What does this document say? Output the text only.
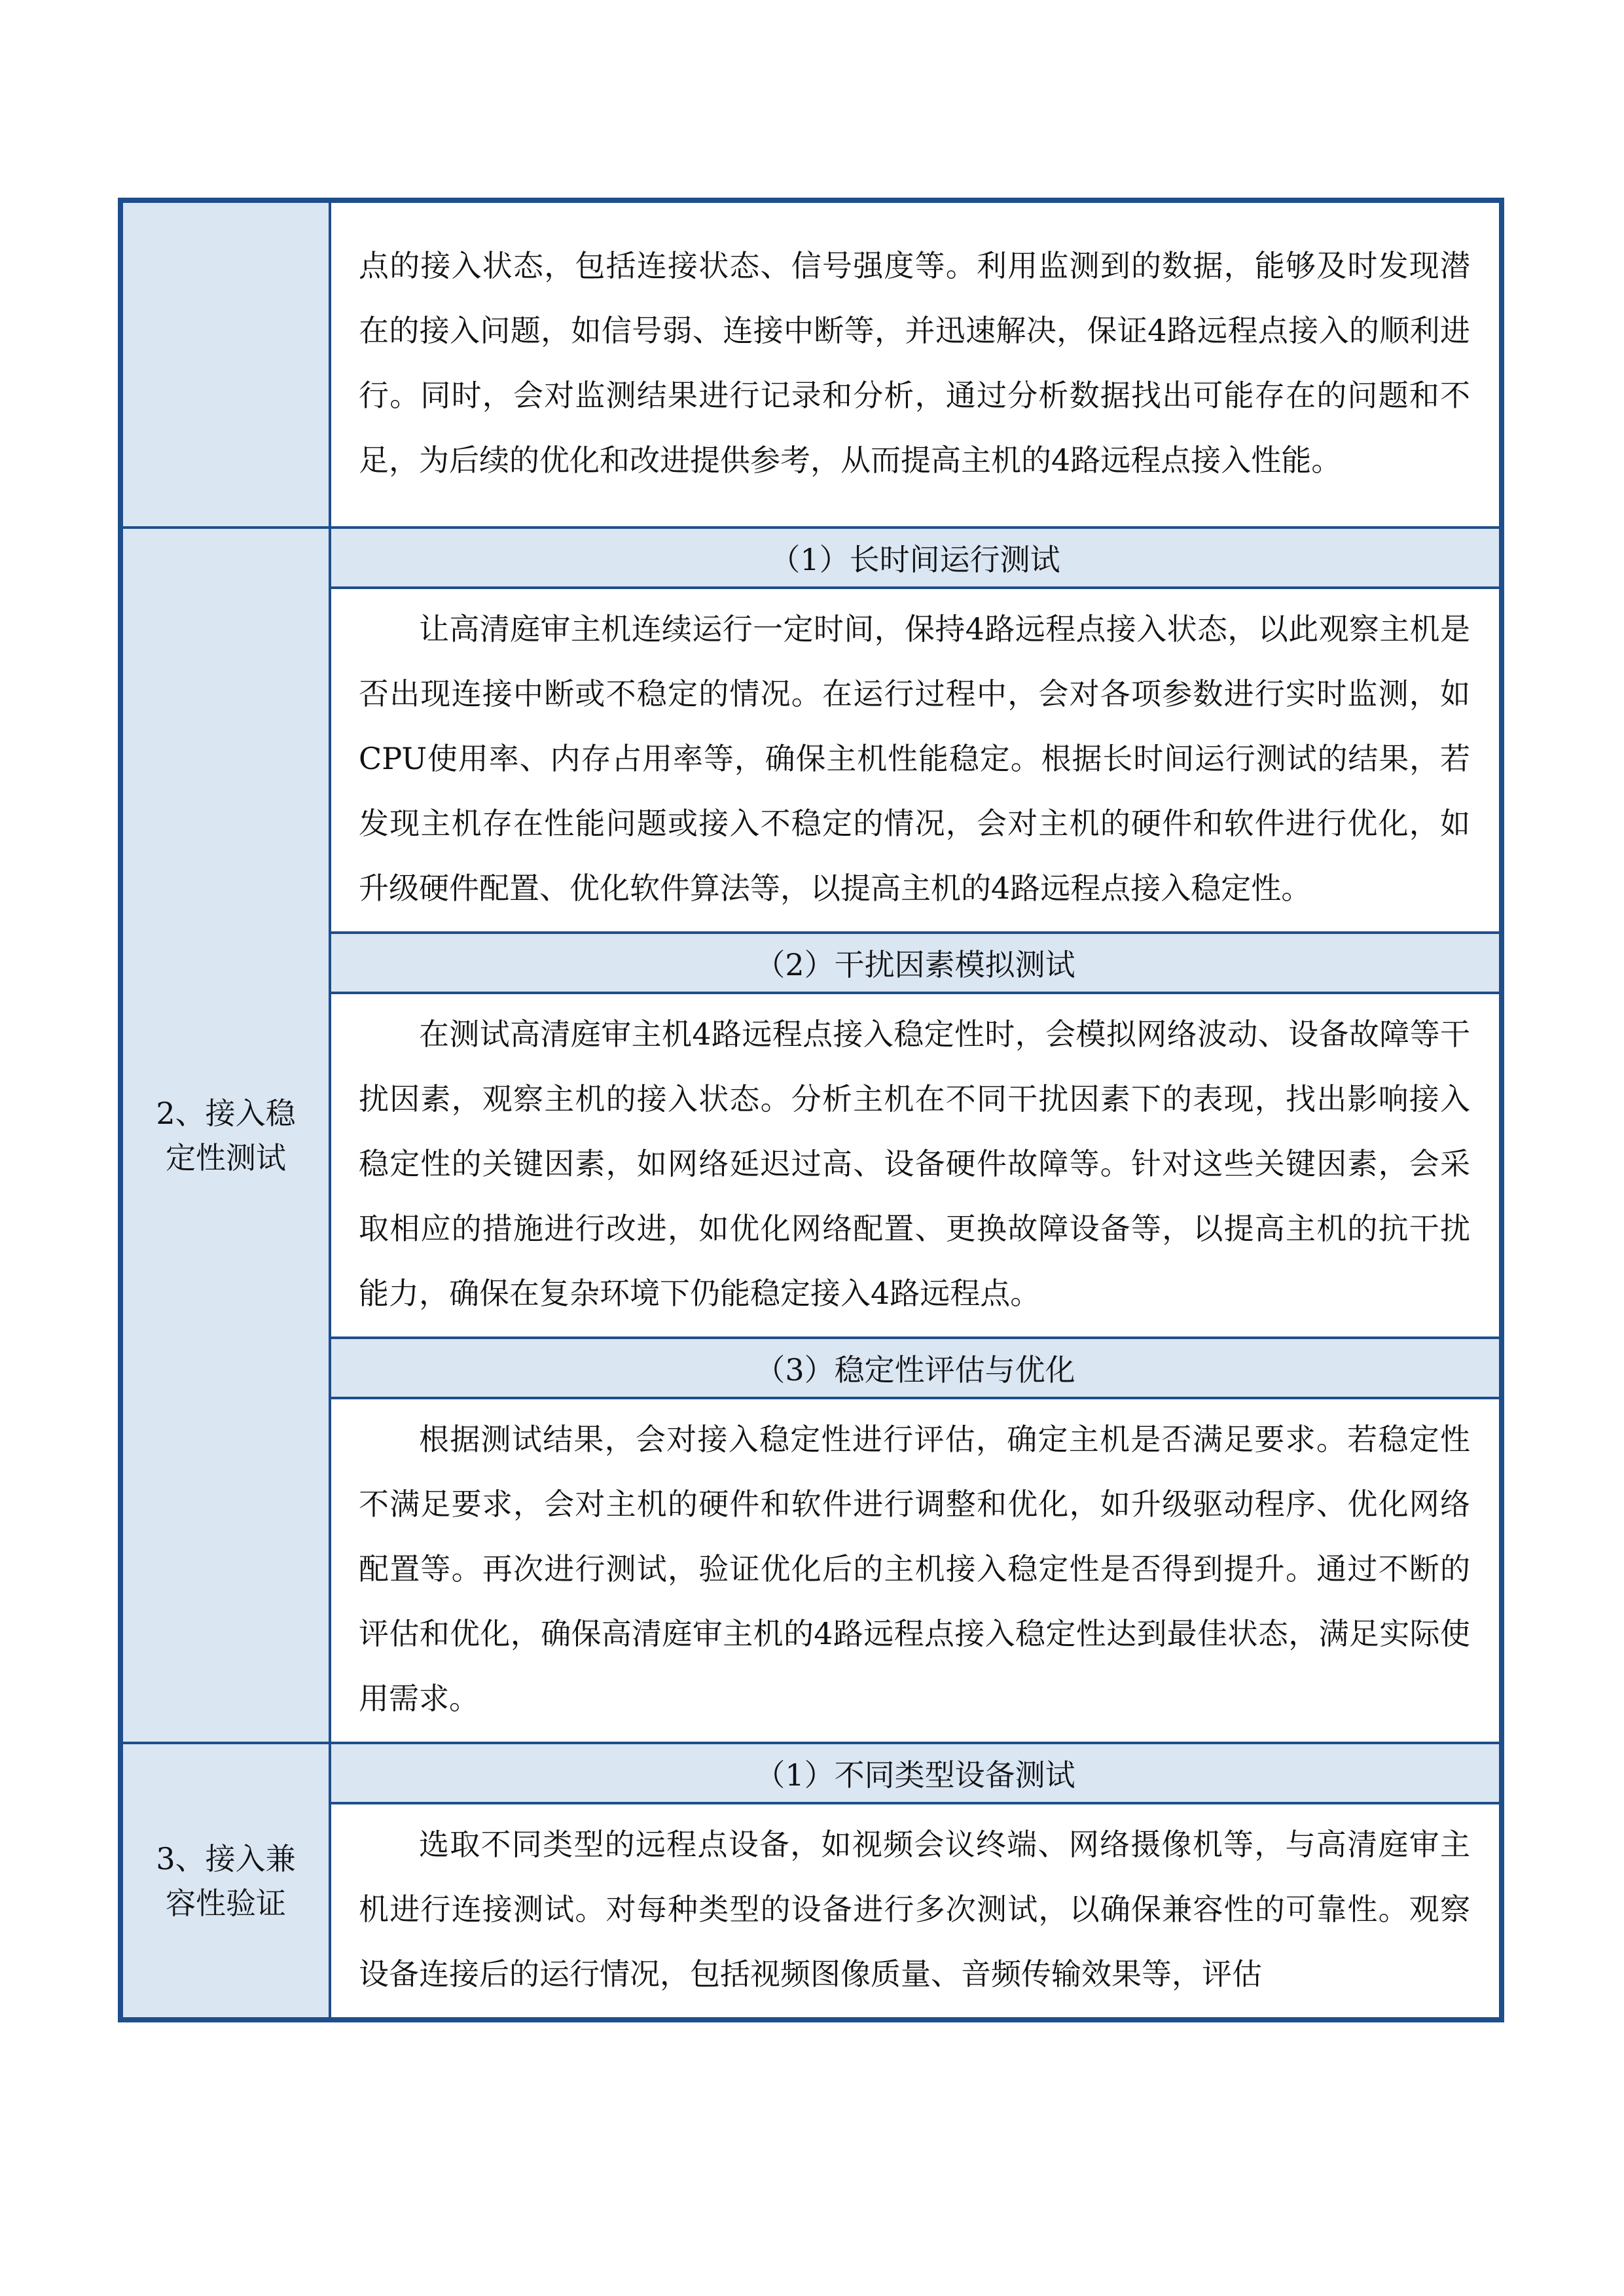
	点的接入状态，包括连接状态、信号强度等。利用监测到的数据，能够及时发现潜在的接入问题，如信号弱、连接中断等，并迅速解决，保证4路远程点接入的顺利进行。同时，会对监测结果进行记录和分析，通过分析数据找出可能存在的问题和不足，为后续的优化和改进提供参考，从而提高主机的4路远程点接入性能。

2、接入稳定性测试	（1）长时间运行测试

	让高清庭审主机连续运行一定时间，保持4路远程点接入状态，以此观察主机是否出现连接中断或不稳定的情况。在运行过程中，会对各项参数进行实时监测，如CPU使用率、内存占用率等，确保主机性能稳定。根据长时间运行测试的结果，若发现主机存在性能问题或接入不稳定的情况，会对主机的硬件和软件进行优化，如升级硬件配置、优化软件算法等，以提高主机的4路远程点接入稳定性。

	（2）干扰因素模拟测试

	在测试高清庭审主机4路远程点接入稳定性时，会模拟网络波动、设备故障等干扰因素，观察主机的接入状态。分析主机在不同干扰因素下的表现，找出影响接入稳定性的关键因素，如网络延迟过高、设备硬件故障等。针对这些关键因素，会采取相应的措施进行改进，如优化网络配置、更换故障设备等，以提高主机的抗干扰能力，确保在复杂环境下仍能稳定接入4路远程点。

	（3）稳定性评估与优化

	根据测试结果，会对接入稳定性进行评估，确定主机是否满足要求。若稳定性不满足要求，会对主机的硬件和软件进行调整和优化，如升级驱动程序、优化网络配置等。再次进行测试，验证优化后的主机接入稳定性是否得到提升。通过不断的评估和优化，确保高清庭审主机的4路远程点接入稳定性达到最佳状态，满足实际使用需求。

3、接入兼容性验证	（1）不同类型设备测试

	选取不同类型的远程点设备，如视频会议终端、网络摄像机等，与高清庭审主机进行连接测试。对每种类型的设备进行多次测试，以确保兼容性的可靠性。观察设备连接后的运行情况，包括视频图像质量、音频传输效果等，评估
